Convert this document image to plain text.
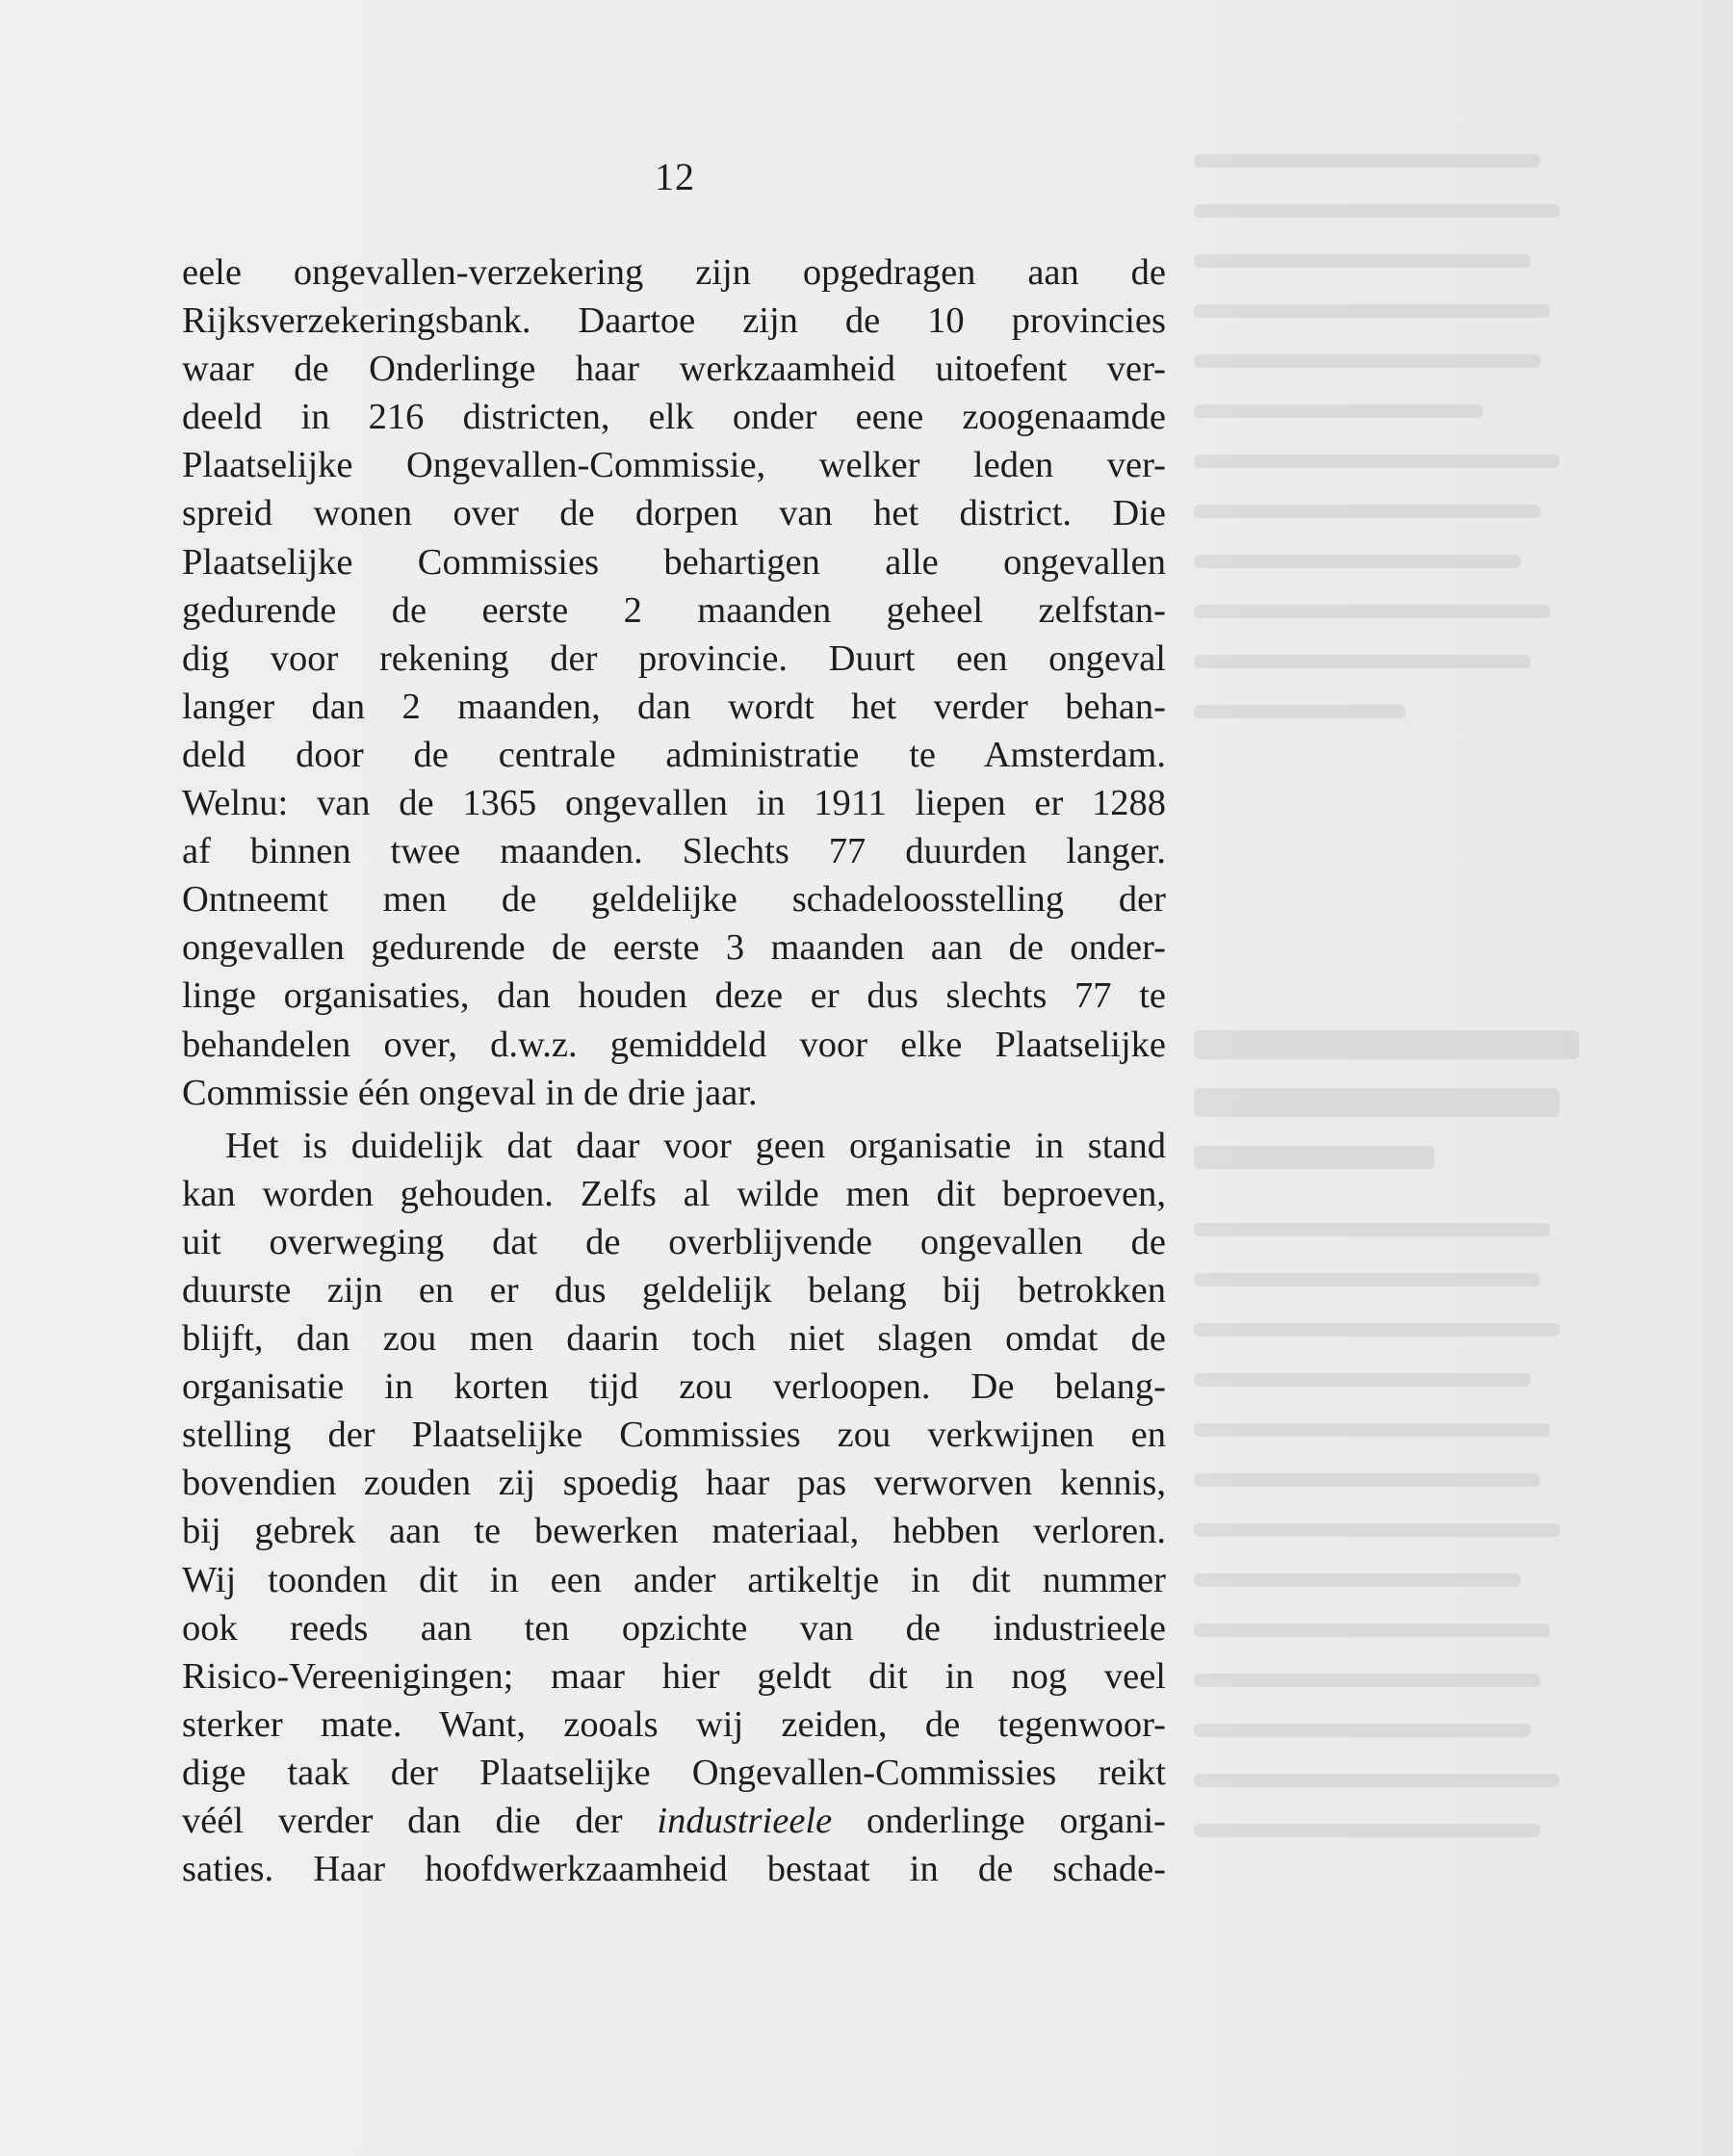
12
eele ongevallen-verzekering zijn opgedragen aan de
Rijksverzekeringsbank. Daartoe zijn de 10 provincies
waar de Onderlinge haar werkzaamheid uitoefent ver-
deeld in 216 districten, elk onder eene zoogenaamde
Plaatselijke Ongevallen-Commissie, welker leden ver-
spreid wonen over de dorpen van het district. Die
Plaatselijke Commissies behartigen alle ongevallen
gedurende de eerste 2 maanden geheel zelfstan-
dig voor rekening der provincie. Duurt een ongeval
langer dan 2 maanden, dan wordt het verder behan-
deld door de centrale administratie te Amsterdam.
Welnu: van de 1365 ongevallen in 1911 liepen er 1288
af binnen twee maanden. Slechts 77 duurden langer.
Ontneemt men de geldelijke schadeloosstelling der
ongevallen gedurende de eerste 3 maanden aan de onder-
linge organisaties, dan houden deze er dus slechts 77 te
behandelen over, d.w.z. gemiddeld voor elke Plaatselijke
Commissie één ongeval in de drie jaar.
Het is duidelijk dat daar voor geen organisatie in stand
kan worden gehouden. Zelfs al wilde men dit beproeven,
uit overweging dat de overblijvende ongevallen de
duurste zijn en er dus geldelijk belang bij betrokken
blijft, dan zou men daarin toch niet slagen omdat de
organisatie in korten tijd zou verloopen. De belang-
stelling der Plaatselijke Commissies zou verkwijnen en
bovendien zouden zij spoedig haar pas verworven kennis,
bij gebrek aan te bewerken materiaal, hebben verloren.
Wij toonden dit in een ander artikeltje in dit nummer
ook reeds aan ten opzichte van de industrieele
Risico-Vereenigingen; maar hier geldt dit in nog veel
sterker mate. Want, zooals wij zeiden, de tegenwoor-
dige taak der Plaatselijke Ongevallen-Commissies reikt
véél verder dan die der industrieele onderlinge organi-
saties. Haar hoofdwerkzaamheid bestaat in de schade-
